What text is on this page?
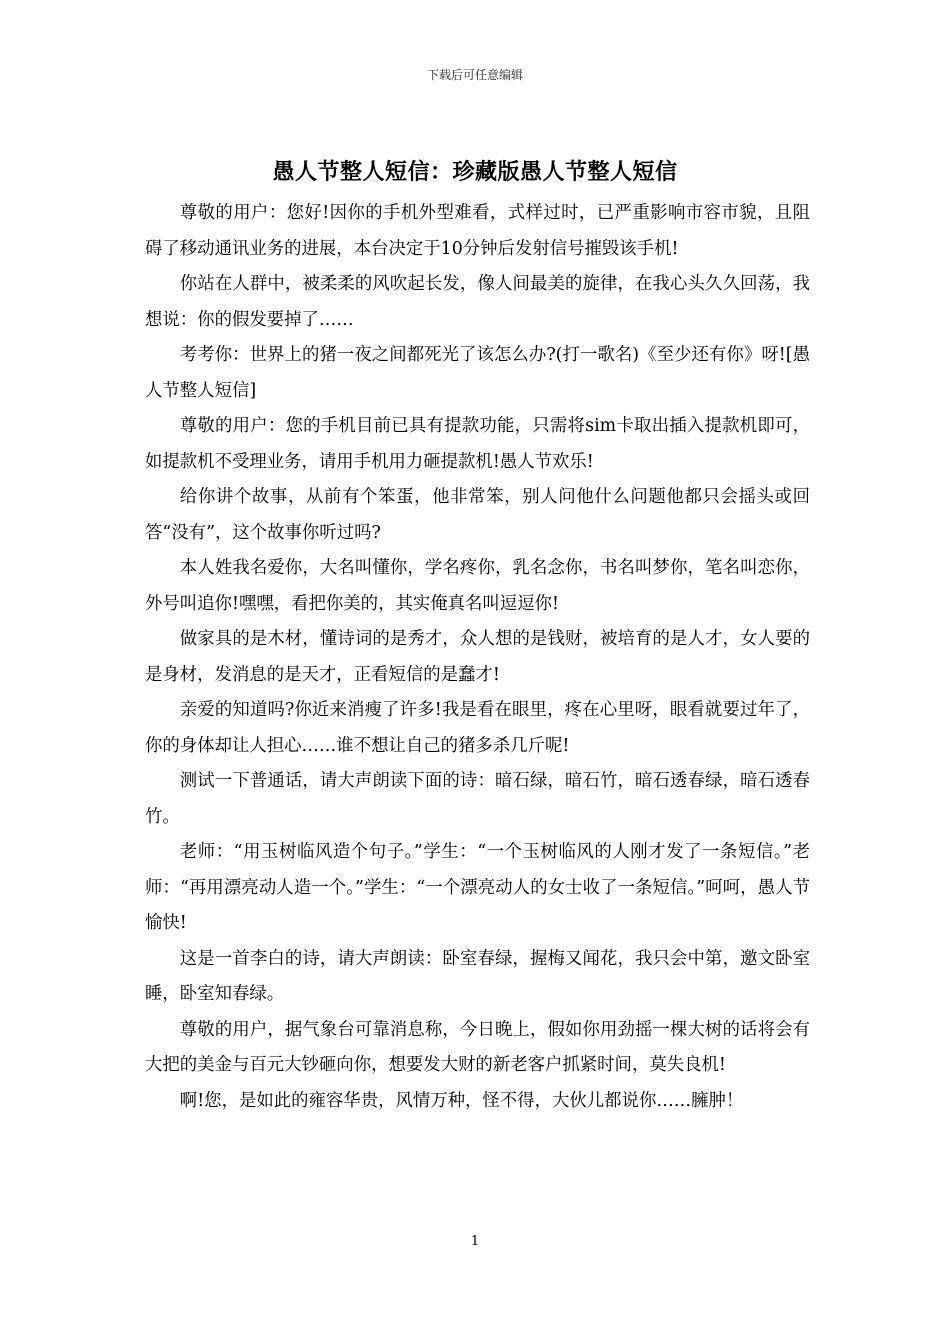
下载后可任意编辑
愚人节整人短信：珍藏版愚人节整人短信

尊敬的用户：您好!因你的手机外型难看，式样过时，已严重影响市容市貌，且阻碍了移动通讯业务的进展，本台决定于10分钟后发射信号摧毁该手机!

你站在人群中，被柔柔的风吹起长发，像人间最美的旋律，在我心头久久回荡，我想说：你的假发要掉了……

考考你：世界上的猪一夜之间都死光了该怎么办?(打一歌名)《至少还有你》呀![愚人节整人短信]

尊敬的用户：您的手机目前已具有提款功能，只需将sim卡取出插入提款机即可，如提款机不受理业务，请用手机用力砸提款机!愚人节欢乐!

给你讲个故事，从前有个笨蛋，他非常笨，别人问他什么问题他都只会摇头或回答“没有”，这个故事你听过吗?

本人姓我名爱你，大名叫懂你，学名疼你，乳名念你，书名叫梦你，笔名叫恋你，外号叫追你!嘿嘿，看把你美的，其实俺真名叫逗逗你!

做家具的是木材，懂诗词的是秀才，众人想的是钱财，被培育的是人才，女人要的是身材，发消息的是天才，正看短信的是蠢才!

亲爱的知道吗?你近来消瘦了许多!我是看在眼里，疼在心里呀，眼看就要过年了，你的身体却让人担心……谁不想让自己的猪多杀几斤呢!

测试一下普通话，请大声朗读下面的诗：暗石绿，暗石竹，暗石透春绿，暗石透春竹。

老师：“用玉树临风造个句子。”学生：“一个玉树临风的人刚才发了一条短信。”老师：“再用漂亮动人造一个。”学生：“一个漂亮动人的女士收了一条短信。”呵呵，愚人节愉快!

这是一首李白的诗，请大声朗读：卧室春绿，握梅又闻花，我只会中第，邀文卧室睡，卧室知春绿。

尊敬的用户，据气象台可靠消息称，今日晚上，假如你用劲摇一棵大树的话将会有大把的美金与百元大钞砸向你，想要发大财的新老客户抓紧时间，莫失良机!

啊!您，是如此的雍容华贵，风情万种，怪不得，大伙儿都说你……臃肿！

1
